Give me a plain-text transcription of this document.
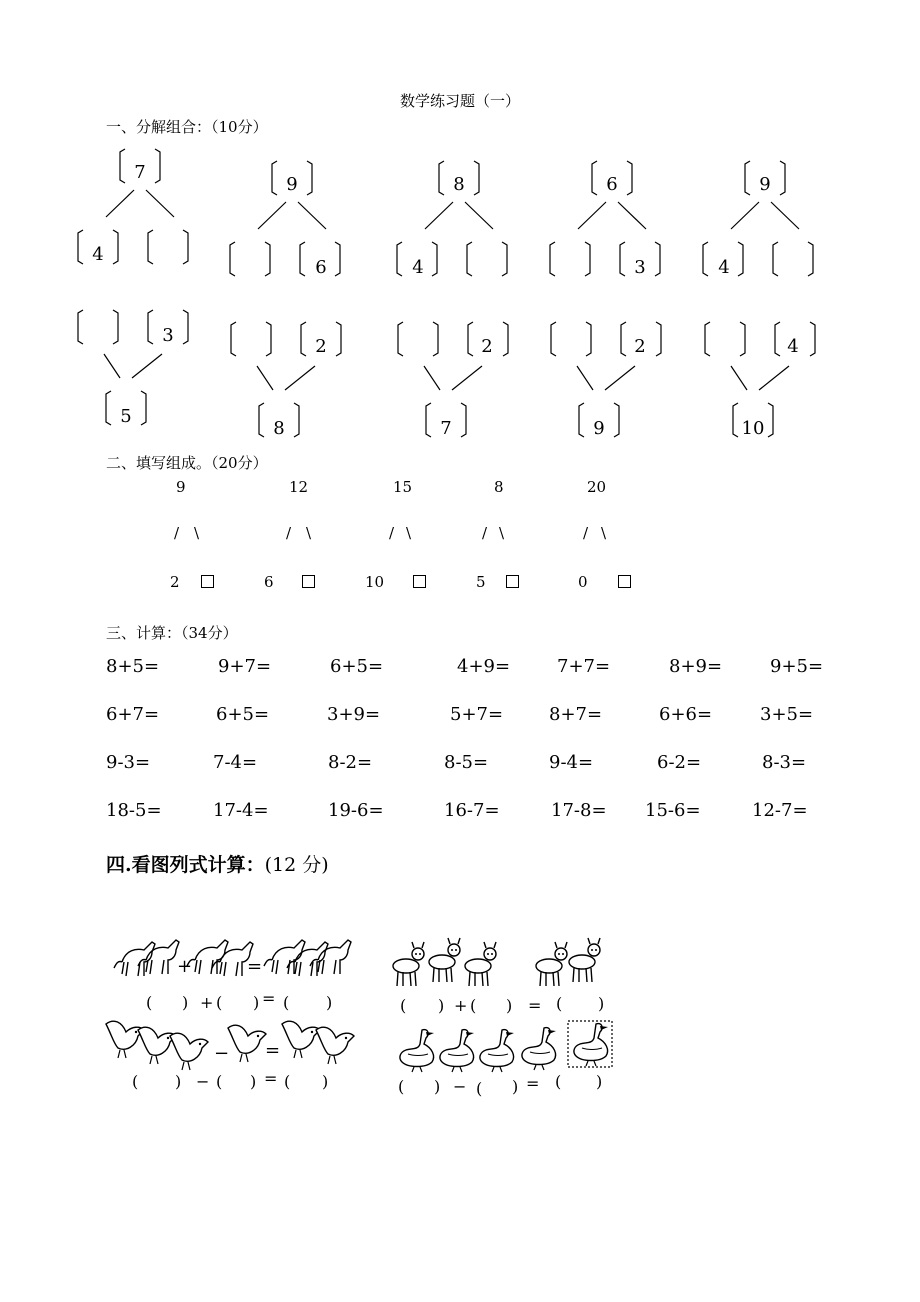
数学练习题（一）
一、分解组合：（10分）
7
4
9
6
8
4
6
3
9
4
3
5
2
8
2
7
2
9
4
10
二、填写组成。（20分）
9
/ \
2
12
/ \
6
15
/ \
10
8
/ \
5
20
/ \
0
三、计算：（34分）
8+5=	9+7=	6+5=	4+9=	7+7=	8+9=	9+5=
6+7=	6+5=	3+9=	5+7=	8+7=	6+6=	3+5=
9-3=	7-4=	8-2=	8-5=	9-4=	6-2=	8-3=
18-5=	17-4=	19-6=	16-7=	17-8= 15-6=	12-7=
四.看图列式计算：(12 分)
+	=
− =
( ) + ( ) = ( )	( ) + ( ) = ( )
( ) − ( ) = ( )	( ) − ( ) = ( )
